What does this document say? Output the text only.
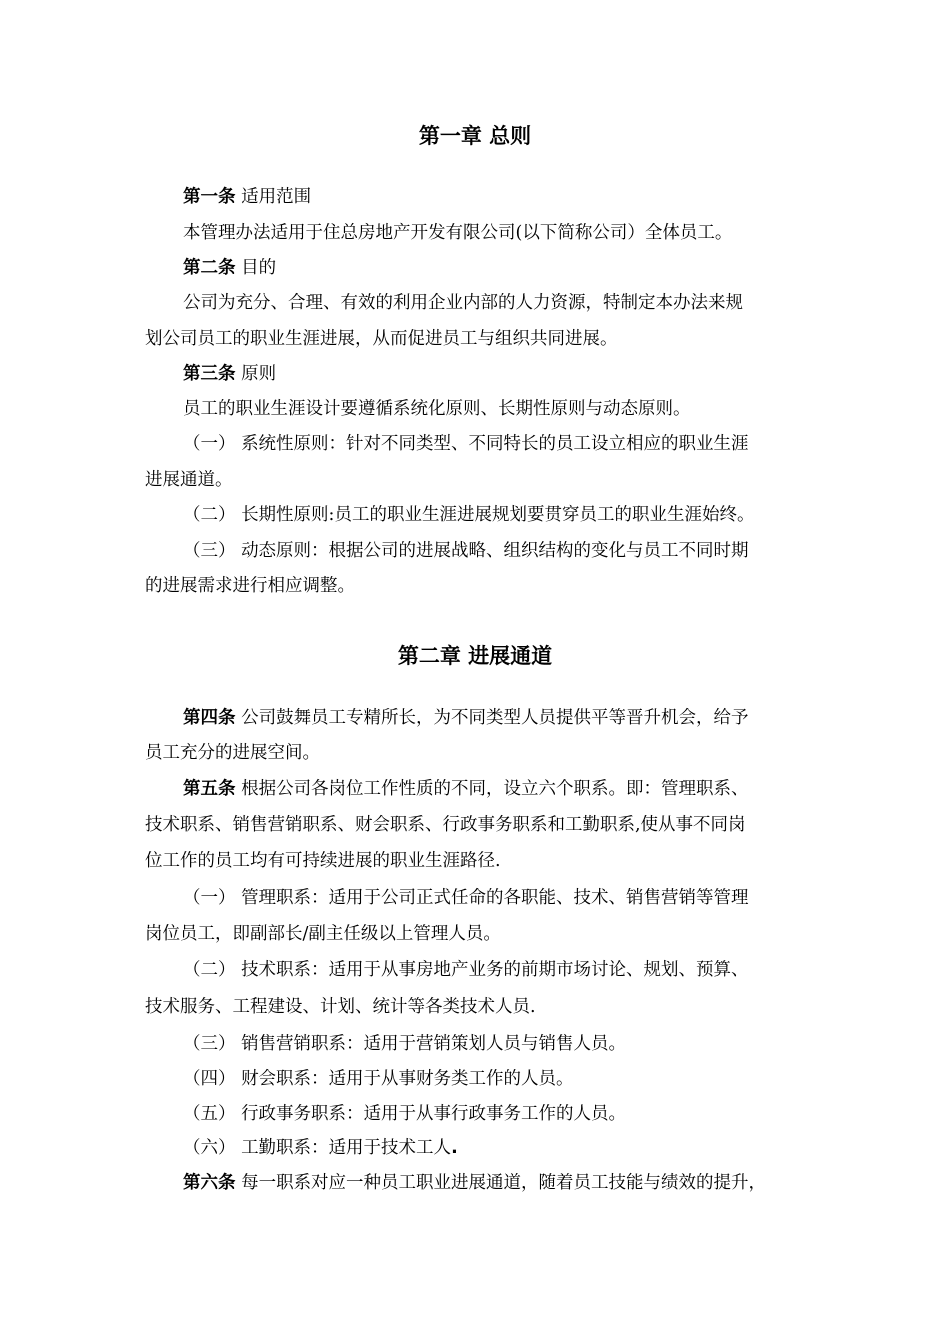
第一章 总则

第一条 适用范围

本管理办法适用于住总房地产开发有限公司(以下简称公司）全体员工。

第二条 目的

公司为充分、合理、有效的利用企业内部的人力资源，特制定本办法来规

划公司员工的职业生涯进展，从而促进员工与组织共同进展。

第三条 原则

员工的职业生涯设计要遵循系统化原则、长期性原则与动态原则。

（一） 系统性原则：针对不同类型、不同特长的员工设立相应的职业生涯

进展通道。

（二） 长期性原则:员工的职业生涯进展规划要贯穿员工的职业生涯始终。

（三） 动态原则：根据公司的进展战略、组织结构的变化与员工不同时期

的进展需求进行相应调整。

第二章 进展通道

第四条 公司鼓舞员工专精所长，为不同类型人员提供平等晋升机会，给予

员工充分的进展空间。

第五条 根据公司各岗位工作性质的不同，设立六个职系。即：管理职系、

技术职系、销售营销职系、财会职系、行政事务职系和工勤职系,使从事不同岗

位工作的员工均有可持续进展的职业生涯路径.

（一） 管理职系：适用于公司正式任命的各职能、技术、销售营销等管理

岗位员工，即副部长/副主任级以上管理人员。

（二） 技术职系：适用于从事房地产业务的前期市场讨论、规划、预算、

技术服务、工程建设、计划、统计等各类技术人员.

（三） 销售营销职系：适用于营销策划人员与销售人员。

（四） 财会职系：适用于从事财务类工作的人员。

（五） 行政事务职系：适用于从事行政事务工作的人员。

（六） 工勤职系：适用于技术工人.

第六条 每一职系对应一种员工职业进展通道，随着员工技能与绩效的提升，
